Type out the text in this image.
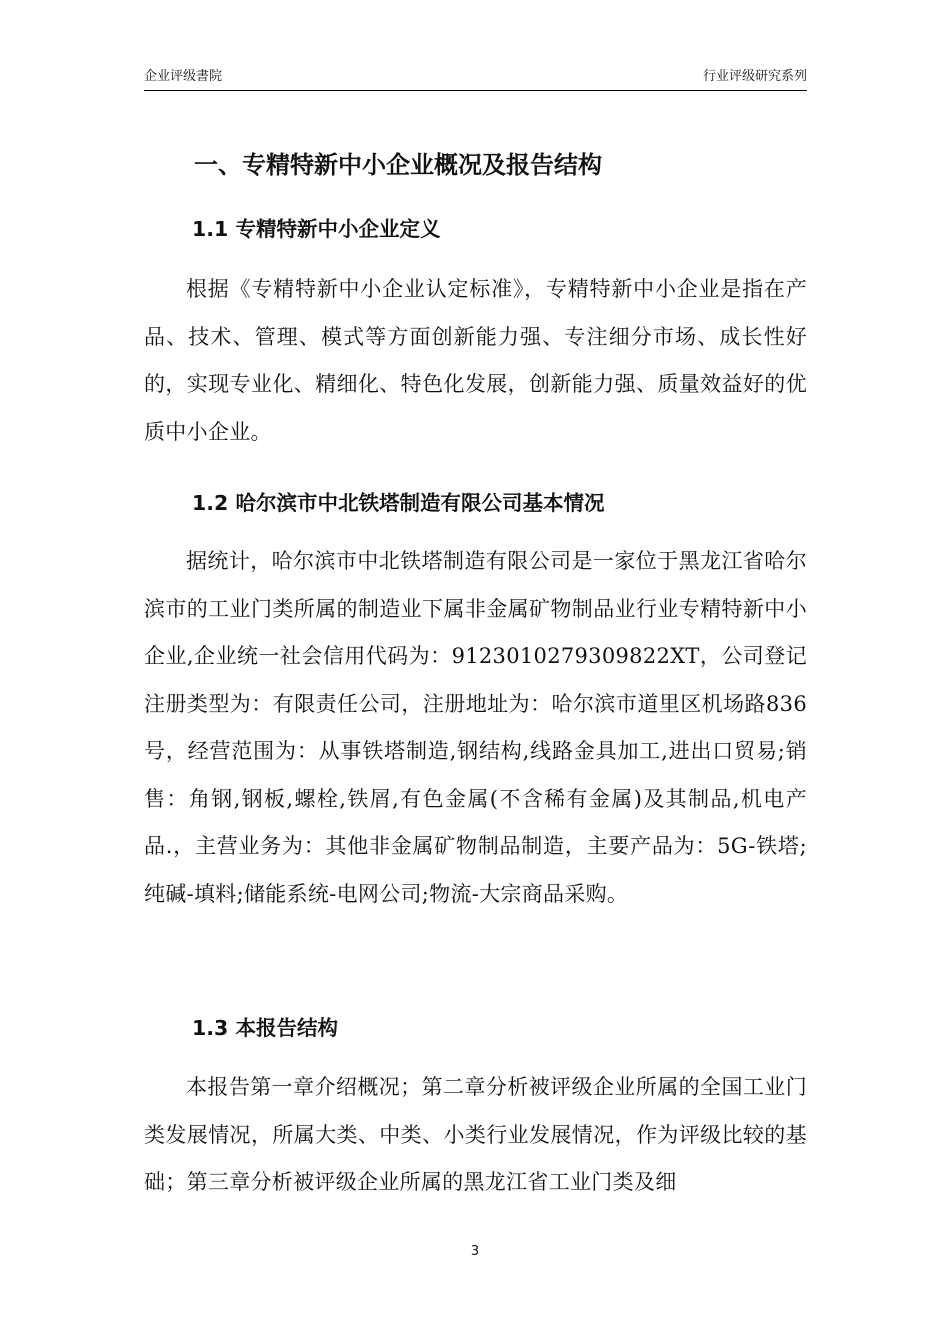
企业评级書院	行业评级研究系列
一、专精特新中小企业概况及报告结构
1.1 专精特新中小企业定义

根据《专精特新中小企业认定标准》，专精特新中小企业是指在产品、技术、管理、模式等方面创新能力强、专注细分市场、成长性好的，实现专业化、精细化、特色化发展，创新能力强、质量效益好的优质中小企业。

1.2 哈尔滨市中北铁塔制造有限公司基本情况

据统计，哈尔滨市中北铁塔制造有限公司是一家位于黑龙江省哈尔滨市的工业门类所属的制造业下属非金属矿物制品业行业专精特新中小企业,企业统一社会信用代码为：9123010279309822XT，公司登记注册类型为：有限责任公司，注册地址为：哈尔滨市道里区机场路836号，经营范围为：从事铁塔制造,钢结构,线路金具加工,进出口贸易;销售：角钢,钢板,螺栓,铁屑,有色金属(不含稀有金属)及其制品,机电产品.，主营业务为：其他非金属矿物制品制造，主要产品为：5G-铁塔;纯碱-填料;储能系统-电网公司;物流-大宗商品采购。

1.3 本报告结构

本报告第一章介绍概况；第二章分析被评级企业所属的全国工业门类发展情况，所属大类、中类、小类行业发展情况，作为评级比较的基础；第三章分析被评级企业所属的黑龙江省工业门类及细

3
